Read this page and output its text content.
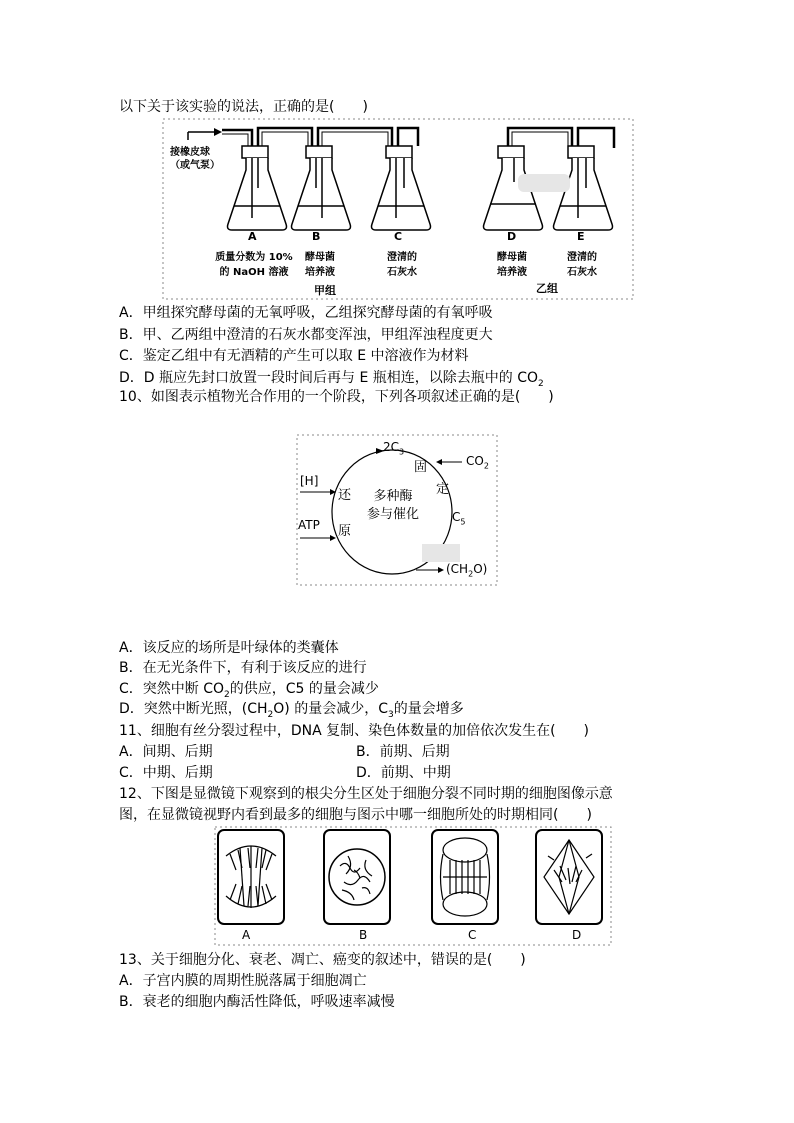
以下关于该实验的说法，正确的是(　　)
接橡皮球
（或气泵）
A	B	C	D	E
质量分数为 10%
的 NaOH 溶液
酵母菌
培养液
澄清的
石灰水
酵母菌
培养液
澄清的
石灰水
甲组	乙组
A．甲组探究酵母菌的无氧呼吸，乙组探究酵母菌的有氧呼吸
B．甲、乙两组中澄清的石灰水都变浑浊，甲组浑浊程度更大
C．鉴定乙组中有无酒精的产生可以取 E 中溶液作为材料
D．D 瓶应先封口放置一段时间后再与 E 瓶相连，以除去瓶中的 $CO_2$
10、如图表示植物光合作用的一个阶段，下列各项叙述正确的是(　　)
$2C_3$
固
定
$CO_2$
[H]
还
原
ATP
多种酶
参与催化	$C_5$
$(CH_2O)$
A．该反应的场所是叶绿体的类囊体
B．在无光条件下，有利于该反应的进行
C．突然中断 $CO_2$的供应，C5 的量会减少
D．突然中断光照，$(CH_2O)$ 的量会减少，$C_3$的量会增多
11、细胞有丝分裂过程中，DNA 复制、染色体数量的加倍依次发生在(　　)
A．间期、后期	B．前期、后期
C．中期、后期	D．前期、中期
12、下图是显微镜下观察到的根尖分生区处于细胞分裂不同时期的细胞图像示意
图，在显微镜视野内看到最多的细胞与图示中哪一细胞所处的时期相同(　　)
A	B	C	D
13、关于细胞分化、衰老、凋亡、癌变的叙述中，错误的是(　　)
A．子宫内膜的周期性脱落属于细胞凋亡
B．衰老的细胞内酶活性降低，呼吸速率减慢
